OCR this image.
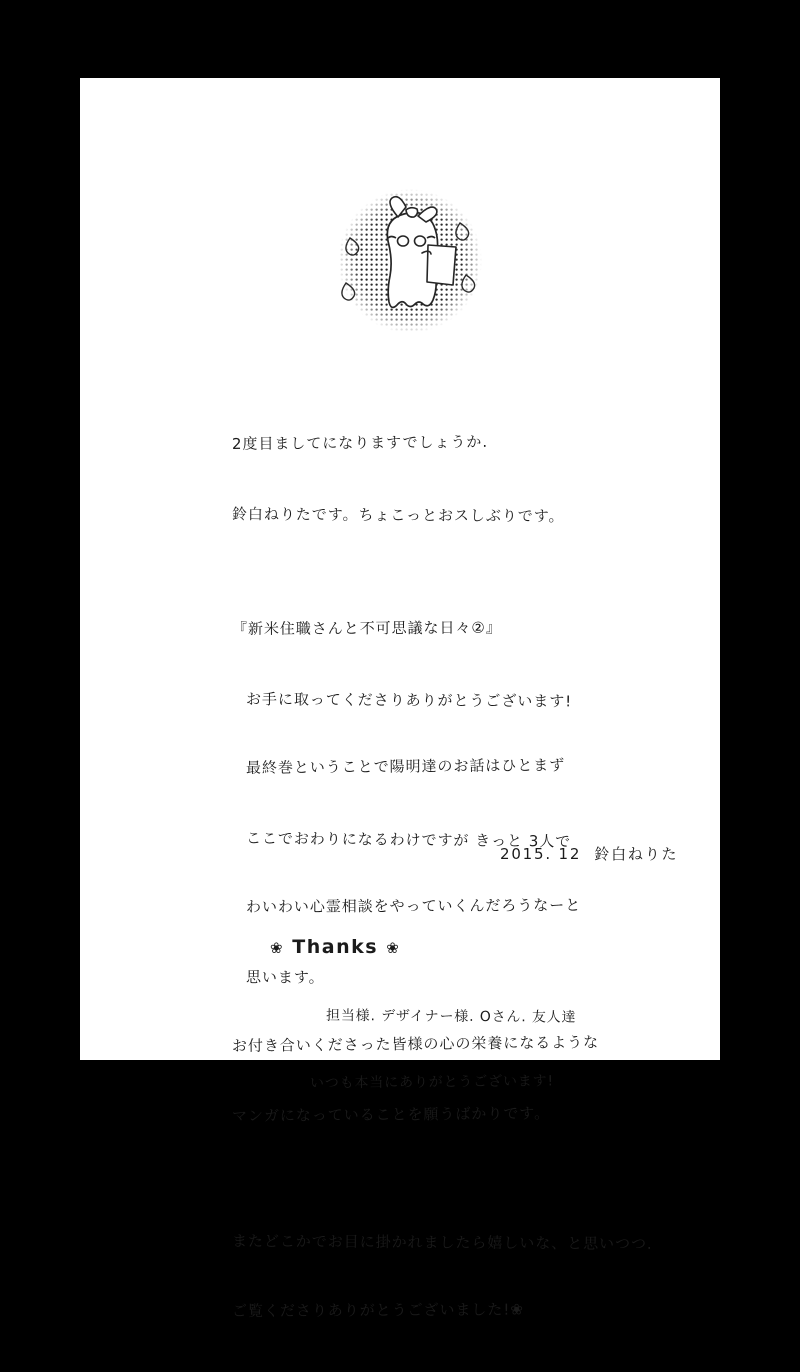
2度目ましてになりますでしょうか.

鈴白ねりたです。ちょこっとおスしぶりです。

『新米住職さんと不可思議な日々②』

お手に取ってくださりありがとうございます!

最終巻ということで陽明達のお話はひとまず

ここでおわりになるわけですが きっと 3人で

わいわい心霊相談をやっていくんだろうなーと

思います。

お付き合いくださった皆様の心の栄養になるような

マンガになっていることを願うばかりです。

またどこかでお目に掛かれましたら嬉しいな、と思いつつ.

ご覧くださりありがとうございました!❀

2015. 12  鈴白ねりた

❀ Thanks ❀

担当様. デザイナー様. Oさん. 友人達

いつも本当にありがとうございます!
